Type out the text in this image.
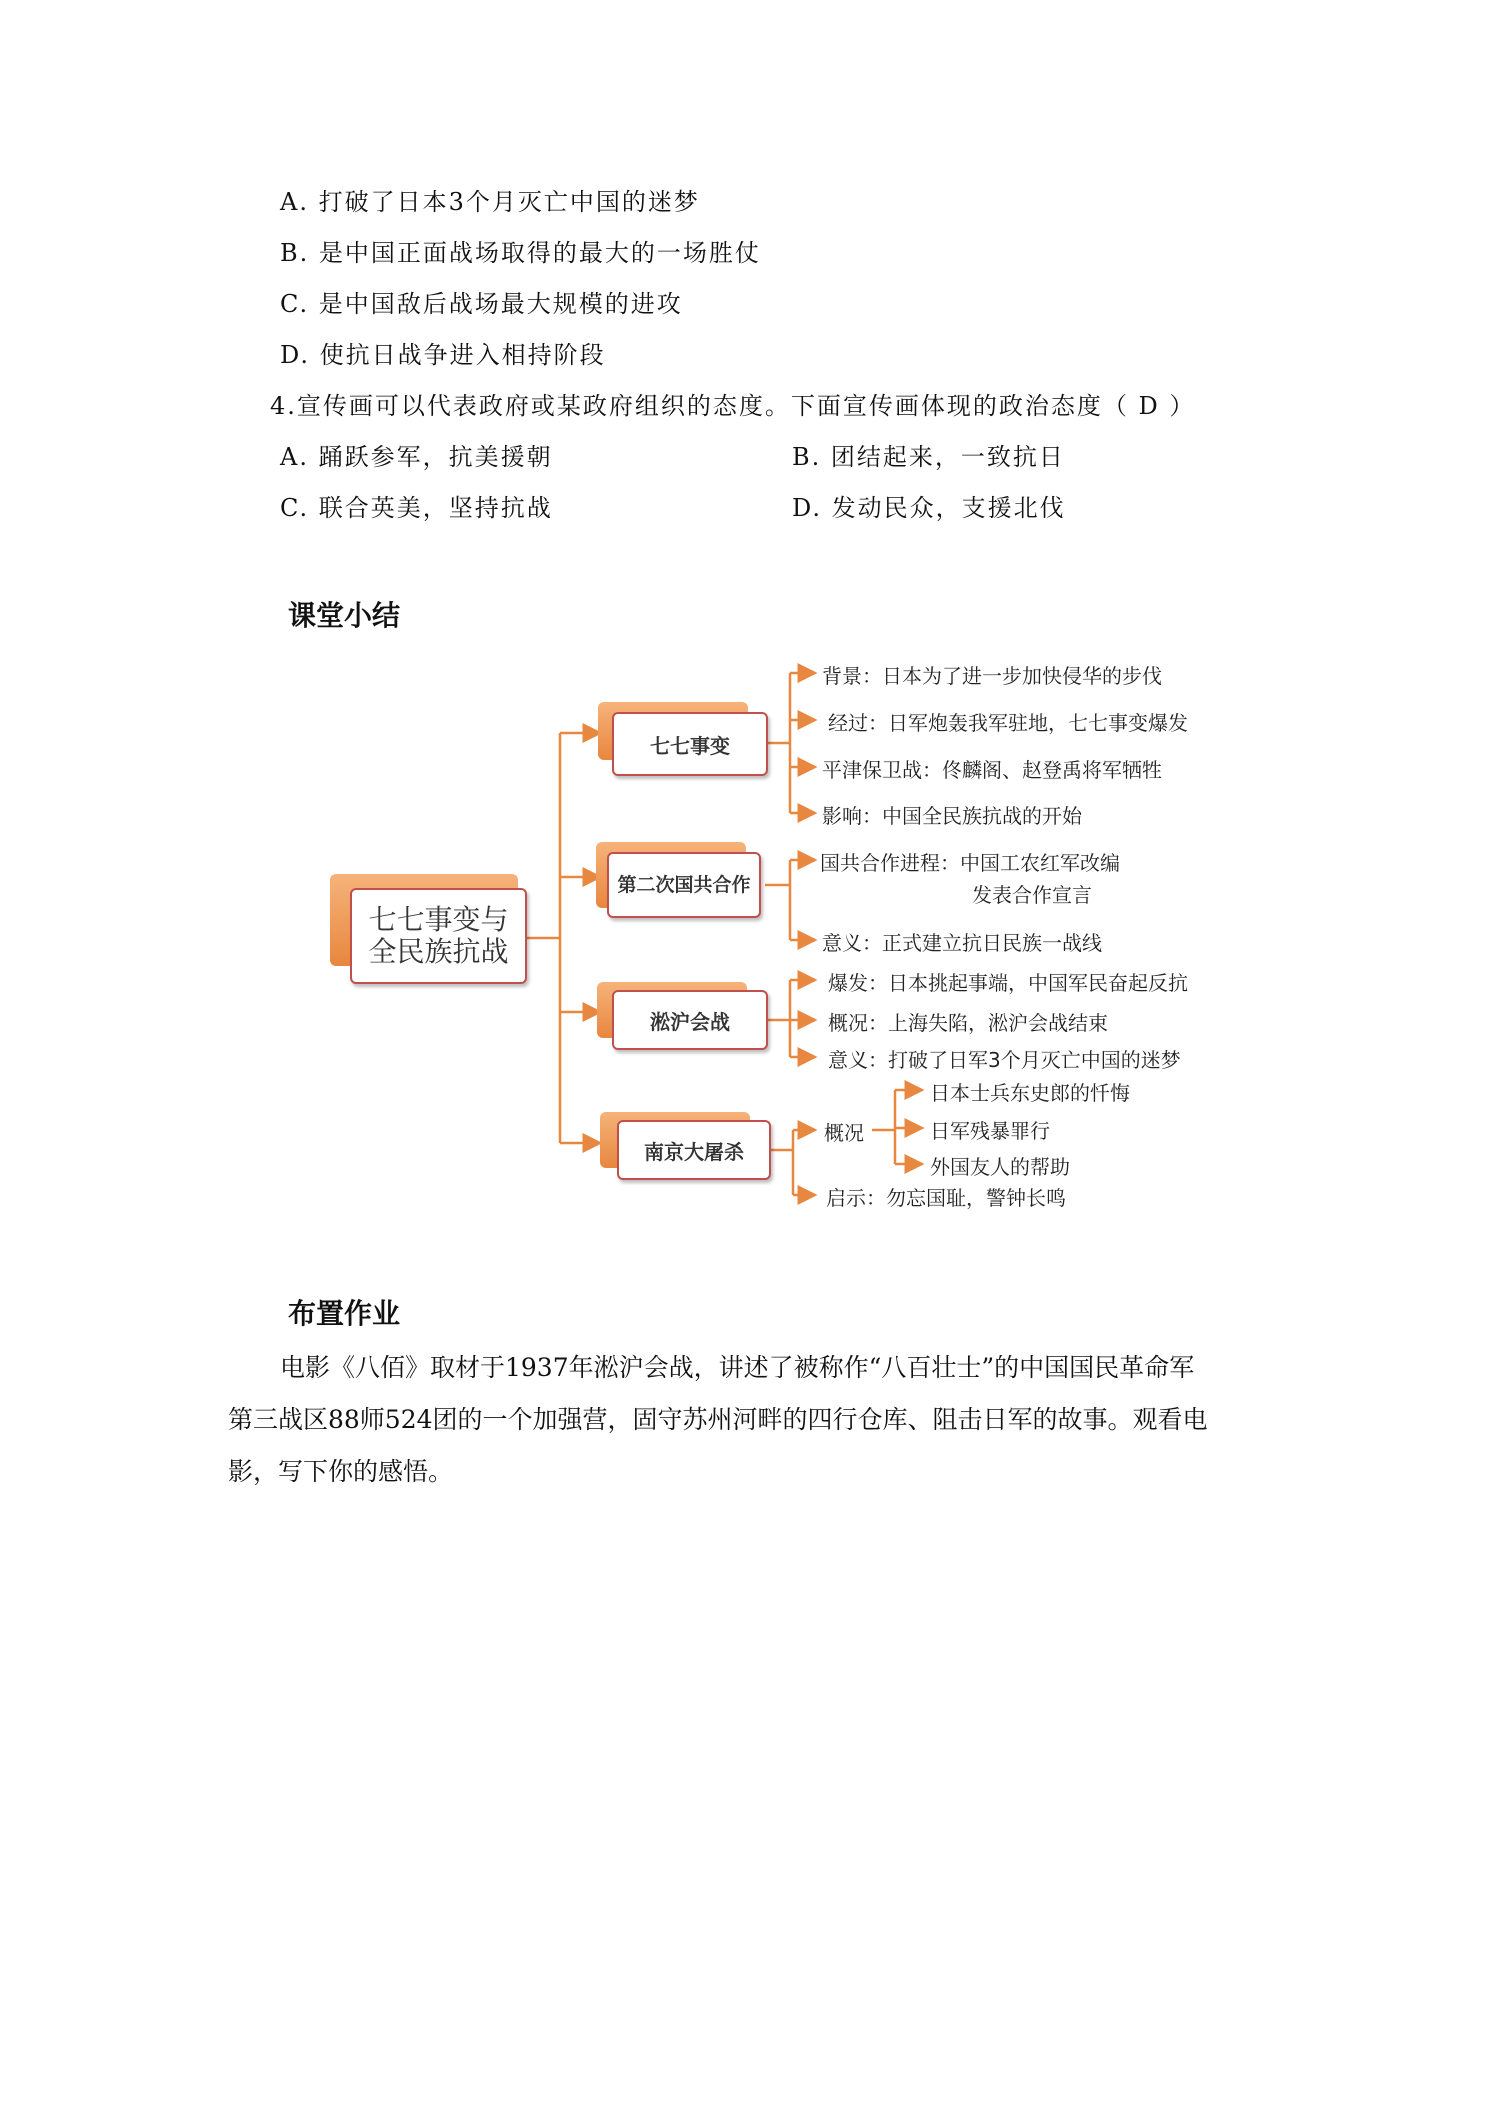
A. 打破了日本3个月灭亡中国的迷梦
B. 是中国正面战场取得的最大的一场胜仗
C. 是中国敌后战场最大规模的进攻
D. 使抗日战争进入相持阶段
4.宣传画可以代表政府或某政府组织的态度。下面宣传画体现的政治态度（ D ）
A. 踊跃参军，抗美援朝	B. 团结起来，一致抗日
C. 联合英美，坚持抗战	D. 发动民众，支援北伐
课堂小结
七七事变与
全民族抗战
七七事变
第二次国共合作
淞沪会战
南京大屠杀
背景：日本为了进一步加快侵华的步伐
经过：日军炮轰我军驻地，七七事变爆发
平津保卫战：佟麟阁、赵登禹将军牺牲
影响：中国全民族抗战的开始
国共合作进程：中国工农红军改编
发表合作宣言
意义：正式建立抗日民族一战线
爆发：日本挑起事端，中国军民奋起反抗
概况：上海失陷，淞沪会战结束
意义：打破了日军3个月灭亡中国的迷梦
概况
日本士兵东史郎的忏悔
日军残暴罪行
外国友人的帮助
启示：勿忘国耻，警钟长鸣
布置作业
电影《八佰》取材于1937年淞沪会战，讲述了被称作“八百壮士”的中国国民革命军
第三战区88师524团的一个加强营，固守苏州河畔的四行仓库、阻击日军的故事。观看电
影，写下你的感悟。
